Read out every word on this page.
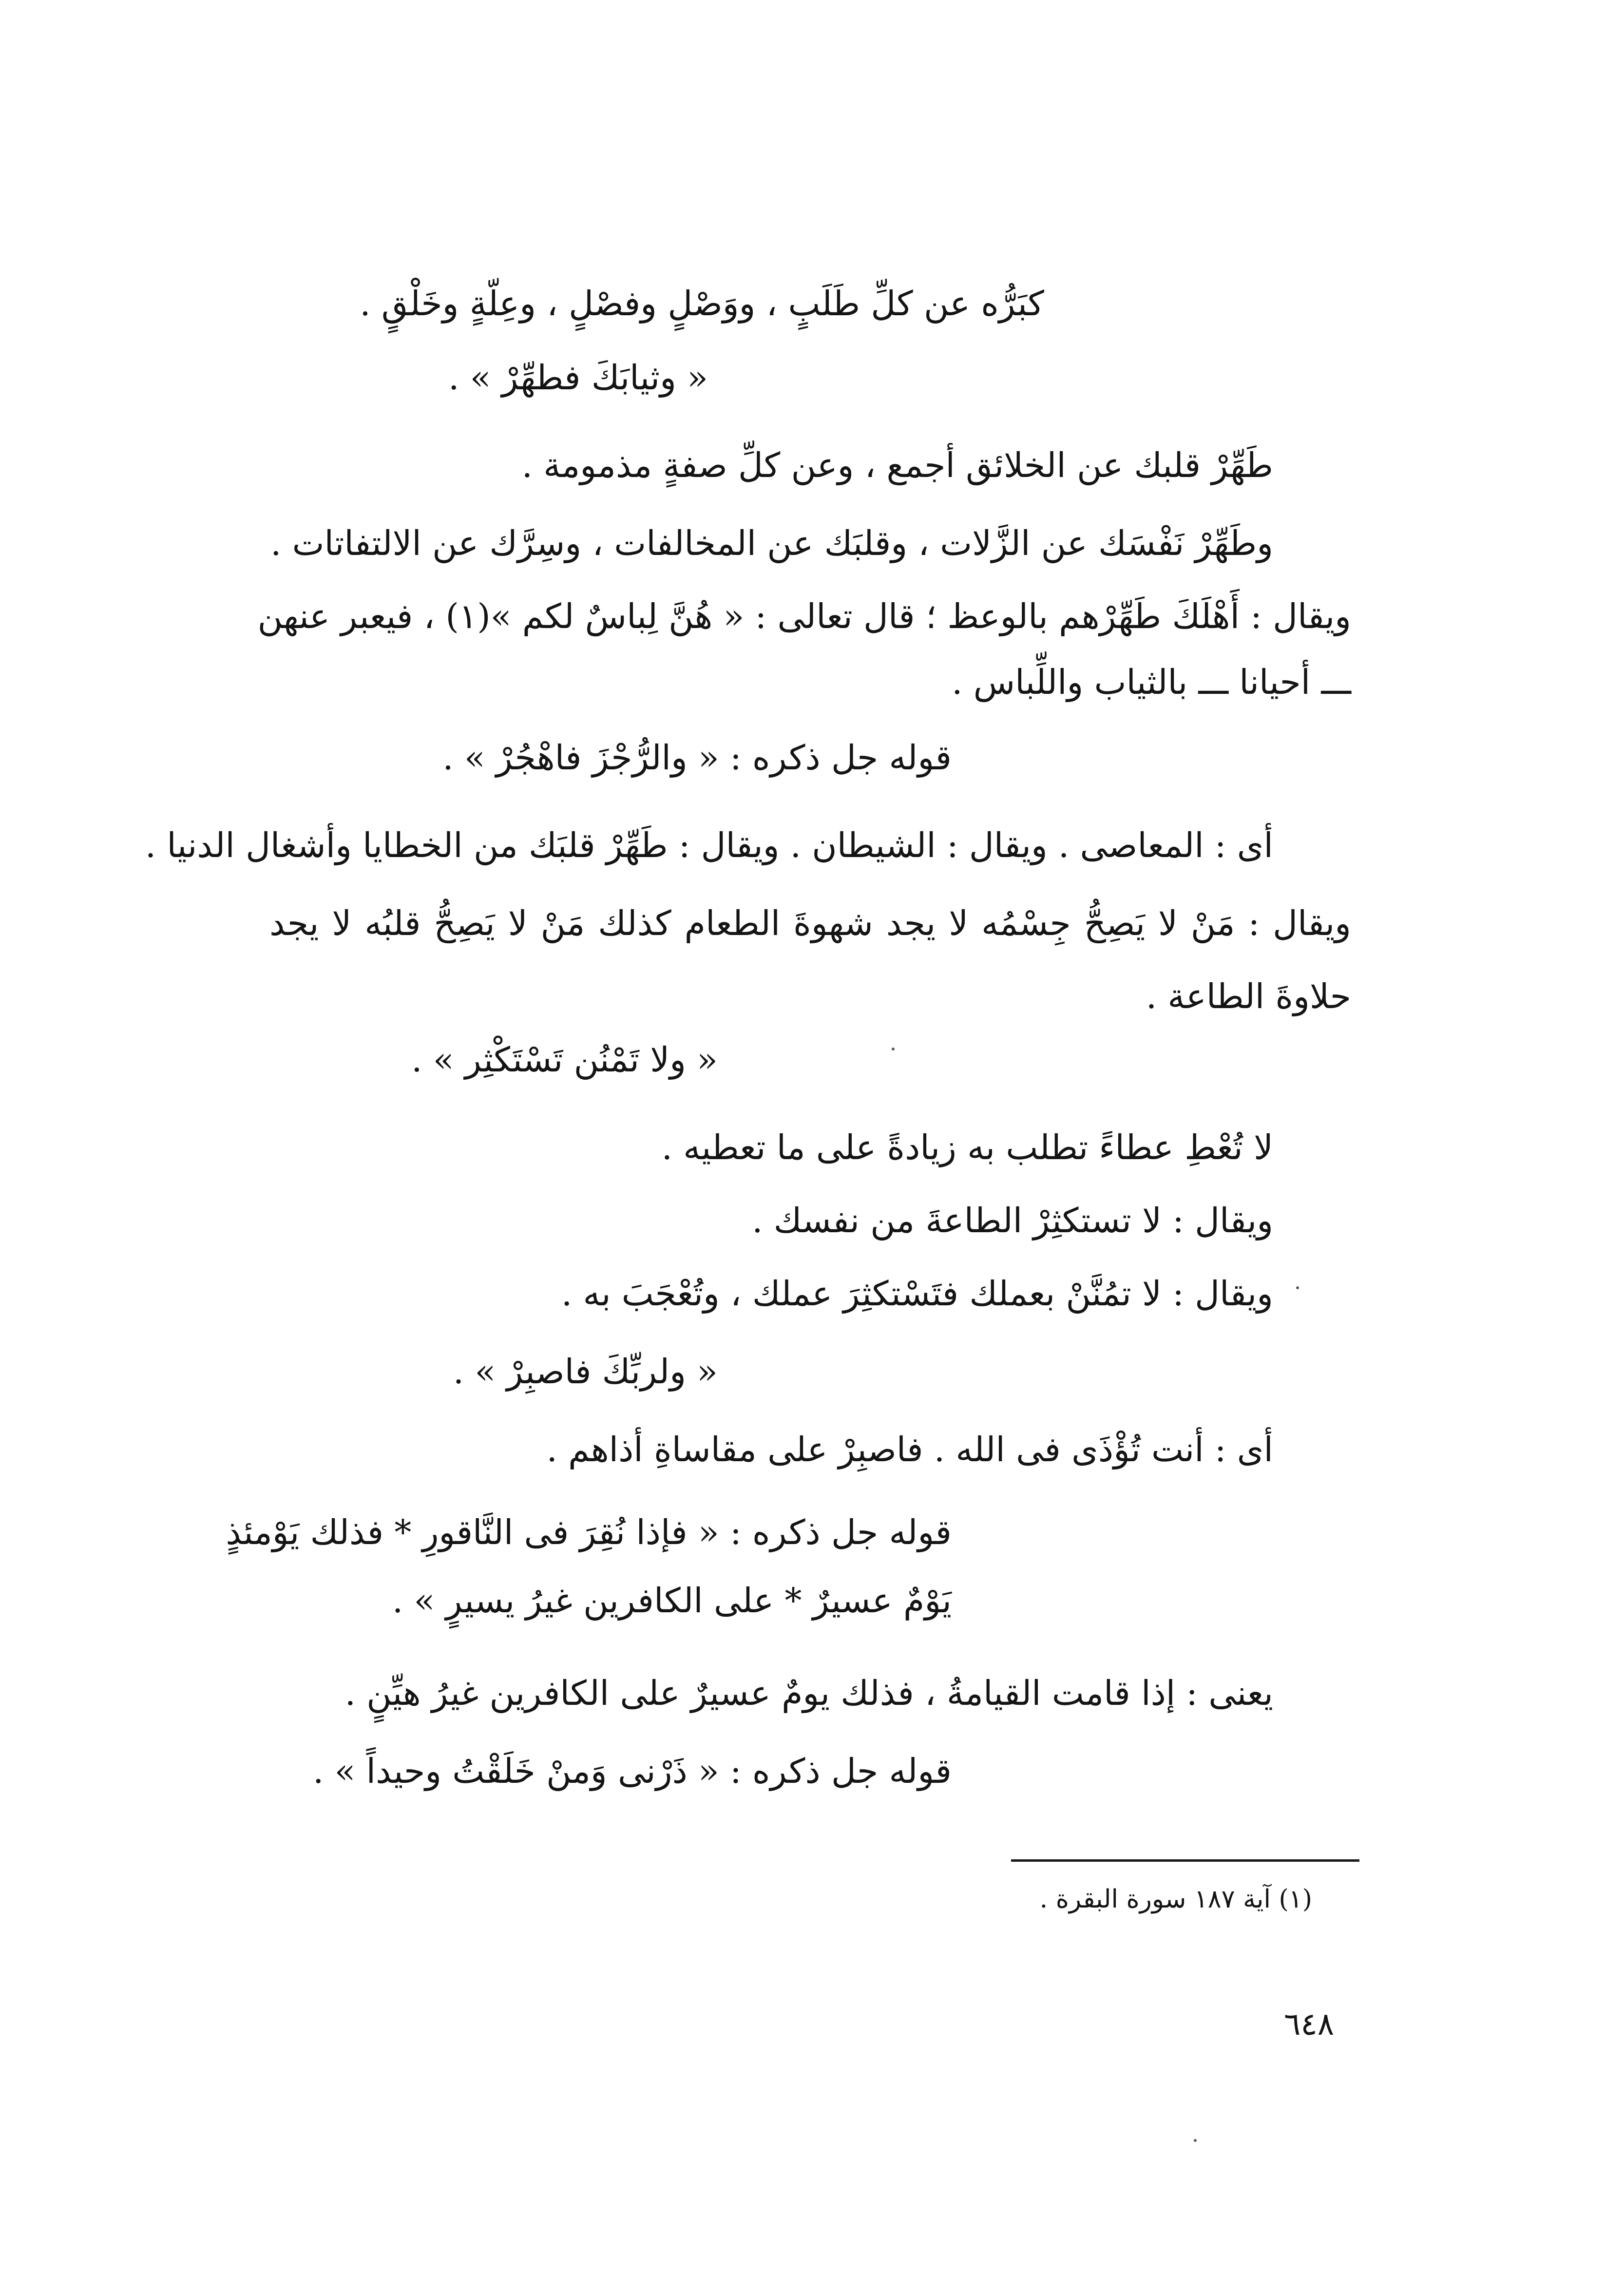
كبَرُّه عن كلِّ طَلَبٍ ، ووَصْلٍ وفصْلٍ ، وعِلّةٍ وخَلْقٍ .
« وثيابَكَ فطهِّرْ » .
طَهِّرْ قلبك عن الخلائق أجمع ، وعن كلِّ صفةٍ مذمومة .
وطَهِّرْ نَفْسَك عن الزَّلات ، وقلبَك عن المخالفات ، وسِرَّك عن الالتفاتات .
ويقال : أَهْلَكَ طَهِّرْهم بالوعظ ؛ قال تعالى : « هُنَّ لِباسٌ لكم »(١) ، فيعبر عنهن
ـــ أحيانا ـــ بالثياب واللِّباس .
قوله جل ذكره : « والرُّجْزَ فاهْجُرْ » .
أى : المعاصى . ويقال : الشيطان . ويقال : طَهِّرْ قلبَك من الخطايا وأشغال الدنيا .
ويقال : مَنْ لا يَصِحُّ جِسْمُه لا يجد شهوةَ الطعام كذلك مَنْ لا يَصِحُّ قلبُه لا يجد
حلاوةَ الطاعة .
« ولا تَمْنُن تَسْتَكْثِر » .
لا تُعْطِ عطاءً تطلب به زيادةً على ما تعطيه .
ويقال : لا تستكثِرْ الطاعةَ من نفسك .
ويقال : لا تمُنَّنْ بعملك فتَسْتكثِرَ عملك ، وتُعْجَبَ به .
« ولربِّكَ فاصبِرْ » .
أى : أنت تُؤْذَى فى الله . فاصبِرْ على مقاساةِ أذاهم .
قوله جل ذكره : « فإذا نُقِرَ فى النَّاقورِ * فذلك يَوْمئذٍ
يَوْمٌ عسيرٌ * على الكافرين غيرُ يسيرٍ » .
يعنى : إذا قامت القيامةُ ، فذلك يومٌ عسيرٌ على الكافرين غيرُ هيِّنٍ .
قوله جل ذكره : « ذَرْنى وَمنْ خَلَقْتُ وحيداً » .
(١) آية ١٨٧ سورة البقرة .
٦٤٨
